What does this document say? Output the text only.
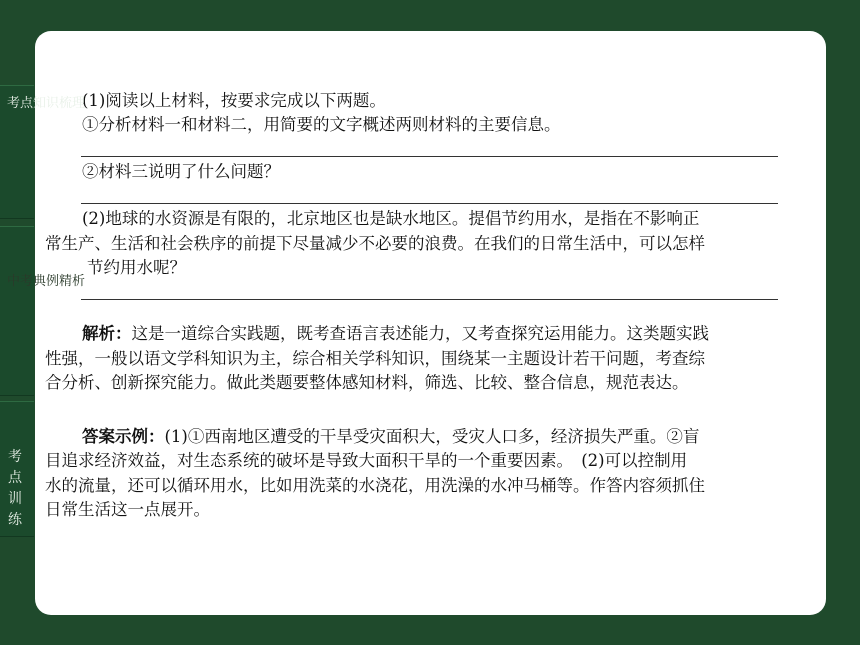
考点知识梳理
中考典例精析
考点训练
(1)阅读以上材料，按要求完成以下两题。
①分析材料一和材料二，用简要的文字概述两则材料的主要信息。
②材料三说明了什么问题？
(2)地球的水资源是有限的，北京地区也是缺水地区。提倡节约用水，是指在不影响正
常生产、生活和社会秩序的前提下尽量减少不必要的浪费。在我们的日常生活中，可以怎样
节约用水呢？
解析：这是一道综合实践题，既考查语言表述能力，又考查探究运用能力。这类题实践
性强，一般以语文学科知识为主，综合相关学科知识，围绕某一主题设计若干问题，考查综
合分析、创新探究能力。做此类题要整体感知材料，筛选、比较、整合信息，规范表达。
答案示例：(1)①西南地区遭受的干旱受灾面积大，受灾人口多，经济损失严重。②盲
目追求经济效益，对生态系统的破坏是导致大面积干旱的一个重要因素。　(2)可以控制用
水的流量，还可以循环用水，比如用洗菜的水浇花，用洗澡的水冲马桶等。作答内容须抓住
日常生活这一点展开。
